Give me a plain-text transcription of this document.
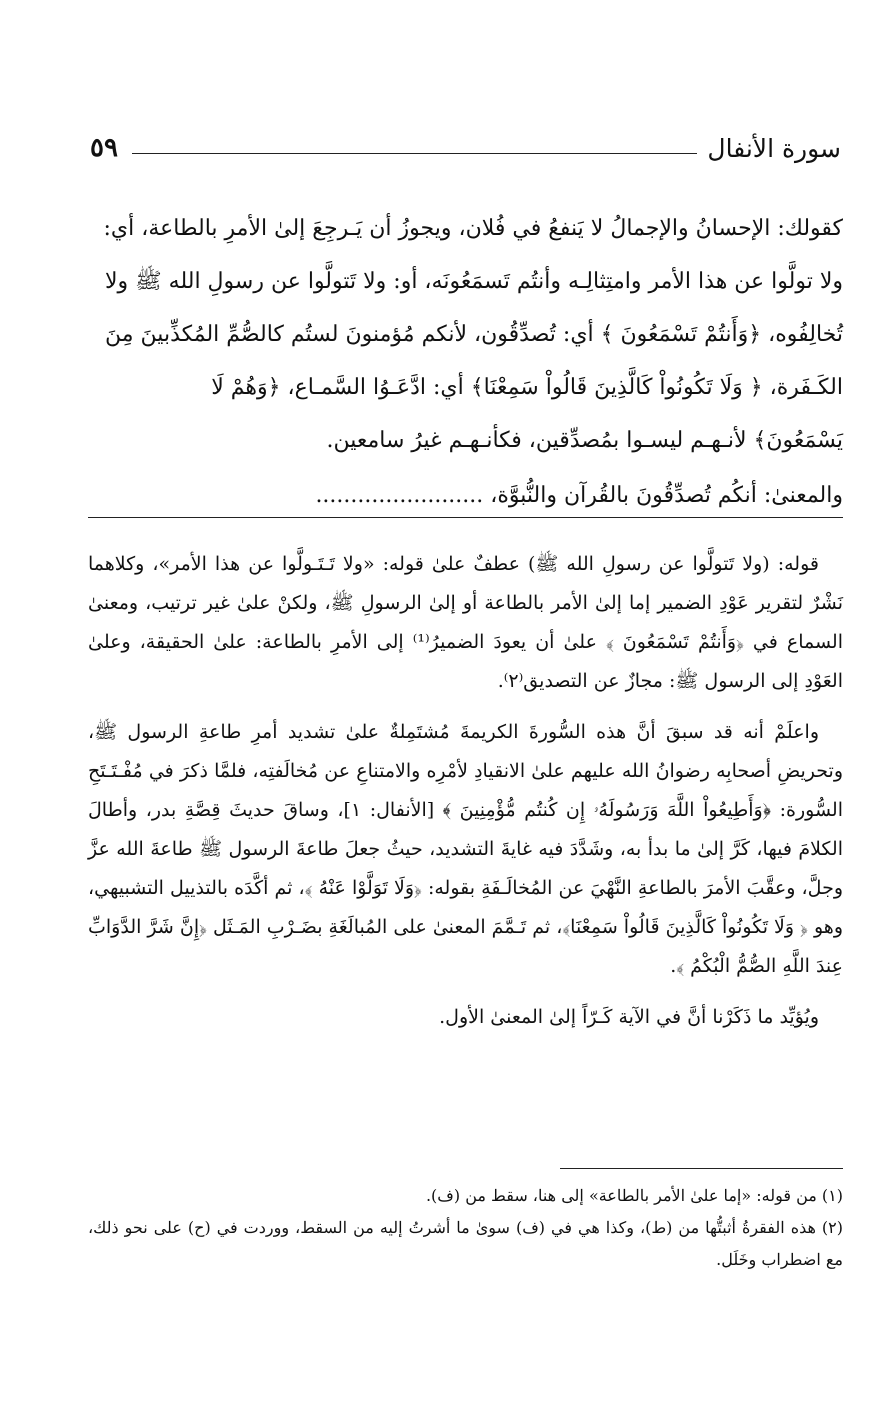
سورة الأنفال
٥٩

كقولك: الإحسانُ والإجمالُ لا يَنفعُ في فُلان، ويجوزُ أن يَـرجِعَ إلىٰ الأمرِ بالطاعة، أي:

ولا تولَّوا عن هذا الأمر وامتِثالِـه وأنتُم تَسمَعُونَه، أو: ولا تَتولَّوا عن رسولِ الله ﷺ ولا

تُخالِفُوه، ﴿وَأَنتُمْ تَسْمَعُونَ ﴾ أي: تُصدِّقُون، لأنكم مُؤمنونَ لستُم كالصُّمِّ المُكذِّبينَ مِنَ

الكَـفَرة، ﴿ وَلَا تَكُونُواْ كَالَّذِينَ قَالُواْ سَمِعْنَا﴾ أي: ادَّعَـوُا السَّمـاع، ﴿وَهُمْ لَا

يَسْمَعُونَ﴾ لأنـهـم ليسـوا بمُصدِّقين، فكأنـهـم غيرُ سامعين.

والمعنىٰ: أنكُم تُصدِّقُونَ بالقُرآن والنُّبوَّة، ........................

قوله: (ولا تَتولَّوا عن رسولِ الله ﷺ) عطفٌ علىٰ قوله: «ولا تَـتَـولَّوا عن هذا الأمر»، وكلاهما نَشْرٌ لتقرير عَوْدِ الضمير إما إلىٰ الأمر بالطاعة أو إلىٰ الرسولِ ﷺ، ولكنْ علىٰ غير ترتيب، ومعنىٰ السماع في ﴿وَأَنتُمْ تَسْمَعُونَ ﴾ علىٰ أن يعودَ الضميرُ⁽¹⁾ إلى الأمرِ بالطاعة: علىٰ الحقيقة، وعلىٰ العَوْدِ إلى الرسول ﷺ: مجازٌ عن التصديق⁽٢⁾.

واعلَمْ أنه قد سبقَ أنَّ هذه السُّورةَ الكريمةَ مُشتَمِلةٌ علىٰ تشديد أمرِ طاعةِ الرسول ﷺ، وتحريضِ أصحابِه رضوانُ الله عليهم علىٰ الانقيادِ لأمْرِه والامتناعِ عن مُخالَفتِه، فلمَّا ذكرَ في مُفْـتَـتَحِ السُّورة: ﴿وَأَطِيعُواْ اللَّهَ وَرَسُولَهُۥ إِن كُنتُم مُّؤْمِنِينَ ﴾ [الأنفال: ١]، وساقَ حديثَ قِصَّةِ بدر، وأطالَ الكلامَ فيها، كَرَّ إلىٰ ما بدأ به، وشَدَّدَ فيه غايةَ التشديد، حيثُ جعلَ طاعةَ الرسول ﷺ طاعةَ الله عزَّ وجلَّ، وعقَّبَ الأمرَ بالطاعةِ النَّهْيَ عن المُخالَـفَةِ بقوله: ﴿وَلَا تَوَلَّوْا عَنْهُ ﴾، ثم أكَّدَه بالتذييل التشبيهي، وهو ﴿ وَلَا تَكُونُواْ كَالَّذِينَ قَالُواْ سَمِعْنَا﴾، ثم تَـمَّمَ المعنىٰ على المُبالَغَةِ بضَـرْبِ المَـثَل ﴿إِنَّ شَرَّ الدَّوَابِّ عِندَ اللَّهِ الصُّمُّ الْبُكْمُ ﴾.

ويُؤيِّد ما ذَكَرْنا أنَّ في الآية كَـرّاً إلىٰ المعنىٰ الأول.

(١) من قوله: «إما علىٰ الأمر بالطاعة» إلى هنا، سقط من (ف).

(٢) هذه الفقرةُ أثبتُّها من (ط)، وكذا هي في (ف) سوىٰ ما أشرتُ إليه من السقط، ووردت في (ح) على نحو ذلك، مع اضطراب وخَلَل.
